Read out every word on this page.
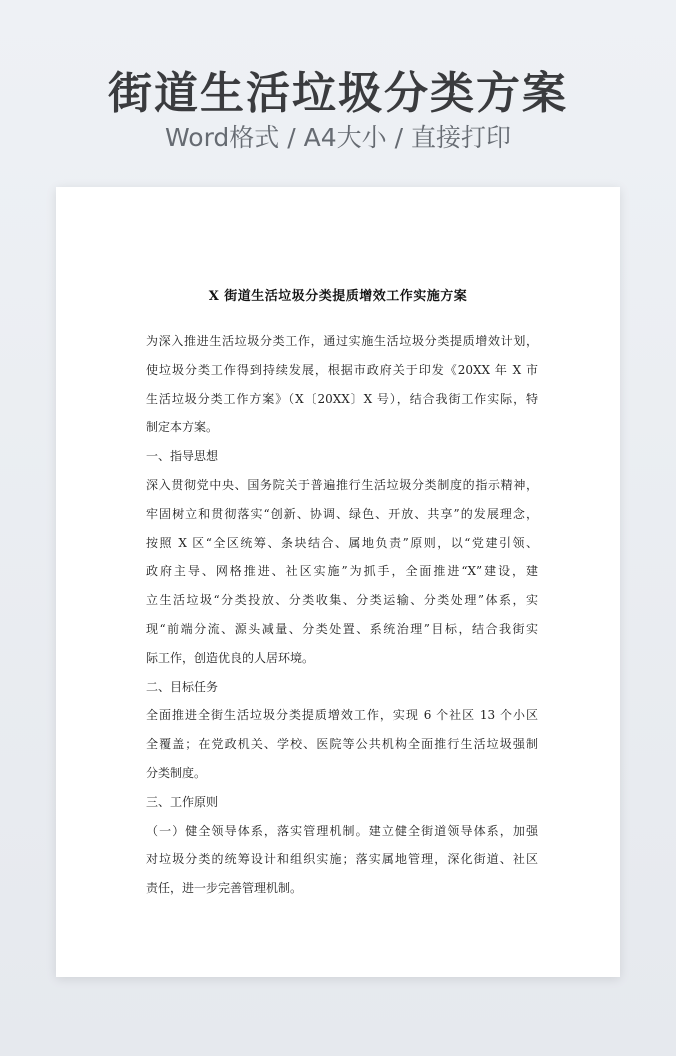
街道生活垃圾分类方案
Word格式 / A4大小 / 直接打印
X 街道生活垃圾分类提质增效工作实施方案

为深入推进生活垃圾分类工作，通过实施生活垃圾分类提质增效计划，
使垃圾分类工作得到持续发展，根据市政府关于印发《20XX 年 X 市
生活垃圾分类工作方案》（X〔20XX〕X 号），结合我街工作实际，特
制定本方案。

一、指导思想

深入贯彻党中央、国务院关于普遍推行生活垃圾分类制度的指示精神，
牢固树立和贯彻落实“创新、协调、绿色、开放、共享”的发展理念，
按照 X 区“全区统筹、条块结合、属地负责”原则，以“党建引领、
政府主导、网格推进、社区实施”为抓手，全面推进“X”建设，建
立生活垃圾“分类投放、分类收集、分类运输、分类处理”体系，实
现“前端分流、源头减量、分类处置、系统治理”目标，结合我街实
际工作，创造优良的人居环境。

二、目标任务

全面推进全街生活垃圾分类提质增效工作，实现 6 个社区 13 个小区
全覆盖；在党政机关、学校、医院等公共机构全面推行生活垃圾强制
分类制度。

三、工作原则

（一）健全领导体系，落实管理机制。建立健全街道领导体系，加强
对垃圾分类的统筹设计和组织实施；落实属地管理，深化街道、社区
责任，进一步完善管理机制。
